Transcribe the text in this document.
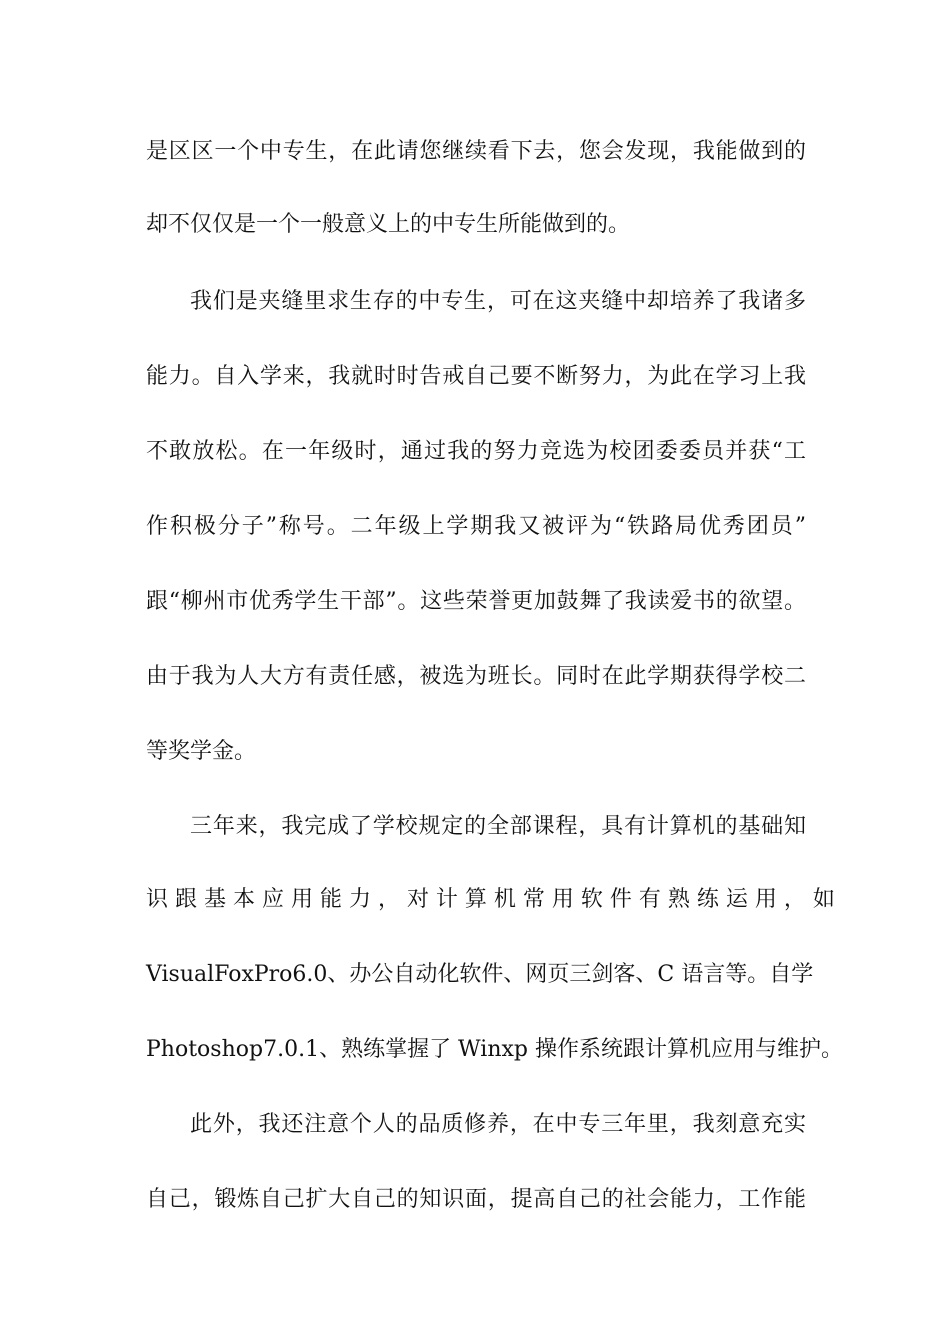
是区区一个中专生，在此请您继续看下去，您会发现，我能做到的
却不仅仅是一个一般意义上的中专生所能做到的。
我们是夹缝里求生存的中专生，可在这夹缝中却培养了我诸多
能力。自入学来，我就时时告戒自己要不断努力，为此在学习上我
不敢放松。在一年级时，通过我的努力竞选为校团委委员并获“工
作积极分子”称号。二年级上学期我又被评为“铁路局优秀团员”
跟“柳州市优秀学生干部”。这些荣誉更加鼓舞了我读爱书的欲望。
由于我为人大方有责任感，被选为班长。同时在此学期获得学校二
等奖学金。
三年来，我完成了学校规定的全部课程，具有计算机的基础知
识 跟 基 本 应 用 能 力 ， 对 计 算 机 常 用 软 件 有 熟 练 运 用 ， 如
VisualFoxPro6.0、办公自动化软件、网页三剑客、C 语言等。自学
Photoshop7.0.1、熟练掌握了 Winxp 操作系统跟计算机应用与维护。
此外，我还注意个人的品质修养，在中专三年里，我刻意充实
自己，锻炼自己扩大自己的知识面，提高自己的社会能力，工作能
